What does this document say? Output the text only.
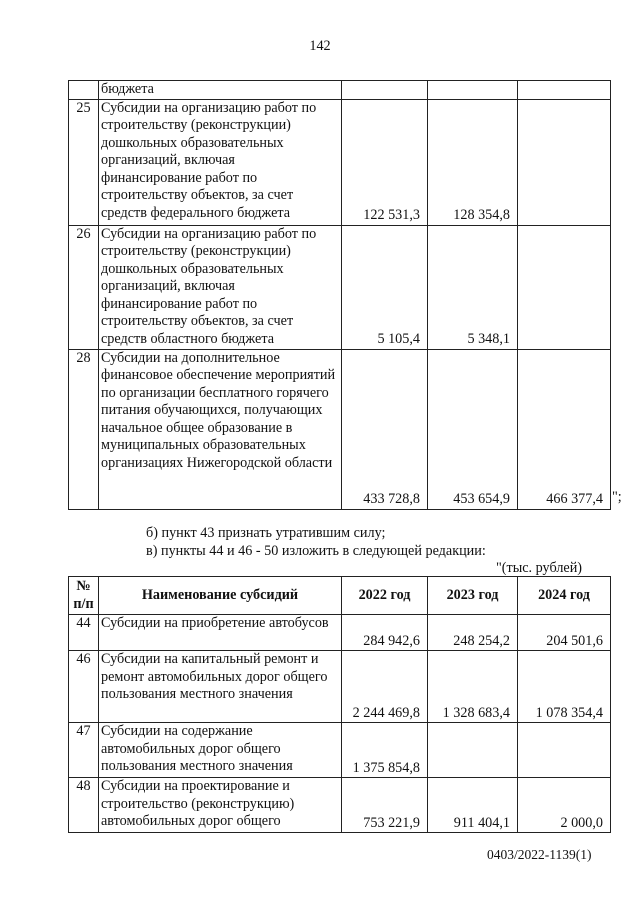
142
	бюджета			
25	Субсидии на организацию работ по строительству (реконструкции) дошкольных образовательных организаций, включая финансирование работ по строительству объектов, за счет средств федерального бюджета	122 531,3	128 354,8	
26	Субсидии на организацию работ по строительству (реконструкции) дошкольных образовательных организаций, включая финансирование работ по строительству объектов, за счет средств областного бюджета	5 105,4	5 348,1	
28	Субсидии на дополнительное финансовое обеспечение мероприятий по организации бесплатного горячего питания обучающихся, получающих начальное общее образование в муниципальных образовательных организациях Нижегородской области	433 728,8	453 654,9	466 377,4 ";
б) пункт 43 признать утратившим силу;
в) пункты 44 и 46 - 50 изложить в следующей редакции:
"(тыс. рублей)
№ п/п	Наименование субсидий	2022 год	2023 год	2024 год
44	Субсидии на приобретение автобусов	284 942,6	248 254,2	204 501,6
46	Субсидии на капитальный ремонт и ремонт автомобильных дорог общего пользования местного значения	2 244 469,8	1 328 683,4	1 078 354,4
47	Субсидии на содержание автомобильных дорог общего пользования местного значения	1 375 854,8		
48	Субсидии на проектирование и строительство (реконструкцию) автомобильных дорог общего	753 221,9	911 404,1	2 000,0
0403/2022-1139(1)
